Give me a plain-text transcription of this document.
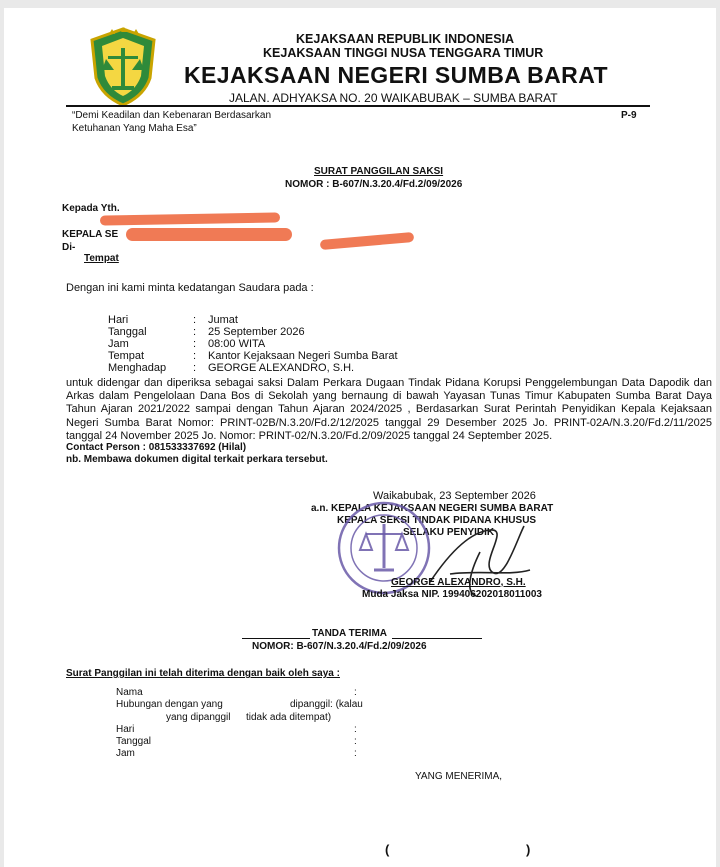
KEJAKSAAN REPUBLIK INDONESIA
KEJAKSAAN TINGGI NUSA TENGGARA TIMUR
KEJAKSAAN NEGERI SUMBA BARAT
JALAN. ADHYAKSA NO. 20 WAIKABUBAK – SUMBA BARAT
“Demi Keadilan dan Kebenaran Berdasarkan
Ketuhanan Yang Maha Esa”
P-9
SURAT PANGGILAN SAKSI
NOMOR : B-607/N.3.20.4/Fd.2/09/2026
Kepada Yth.
KEPALA SE
Di-
Tempat
Dengan ini kami minta kedatangan Saudara pada :
Hari	: Jumat
Tanggal	: 25 September 2026
Jam	: 08:00 WITA
Tempat	: Kantor Kejaksaan Negeri Sumba Barat
Menghadap : GEORGE ALEXANDRO, S.H.
untuk didengar dan diperiksa sebagai saksi Dalam Perkara Dugaan Tindak Pidana Korupsi Penggelembungan Data Dapodik dan Arkas dalam Pengelolaan Dana Bos di Sekolah yang bernaung di bawah Yayasan Tunas Timur Kabupaten Sumba Barat Daya Tahun Ajaran 2021/2022 sampai dengan Tahun Ajaran 2024/2025 , Berdasarkan Surat Perintah Penyidikan Kepala Kejaksaan Negeri Sumba Barat Nomor: PRINT-02B/N.3.20/Fd.2/12/2025 tanggal 29 Desember 2025 Jo. PRINT-02A/N.3.20/Fd.2/11/2025 tanggal 24 November 2025 Jo. Nomor: PRINT-02/N.3.20/Fd.2/09/2025 tanggal 24 September 2025.
Contact Person : 081533337692 (Hilal)
nb. Membawa dokumen digital terkait perkara tersebut.
Waikabubak, 23 September 2026
a.n. KEPALA KEJAKSAAN NEGERI SUMBA BARAT
KEPALA SEKSI TINDAK PIDANA KHUSUS
SELAKU PENYIDIK
GEORGE ALEXANDRO, S.H.
Muda Jaksa NIP. 199406202018011003
TANDA TERIMA
NOMOR: B-607/N.3.20.4/Fd.2/09/2026
Surat Panggilan ini telah diterima dengan baik oleh saya :
Nama	:
Hubungan dengan yang	dipanggil: (kalau
yang dipanggil tidak ada ditempat)
Hari	:
Tanggal	:
Jam	:
YANG MENERIMA,
(	)
